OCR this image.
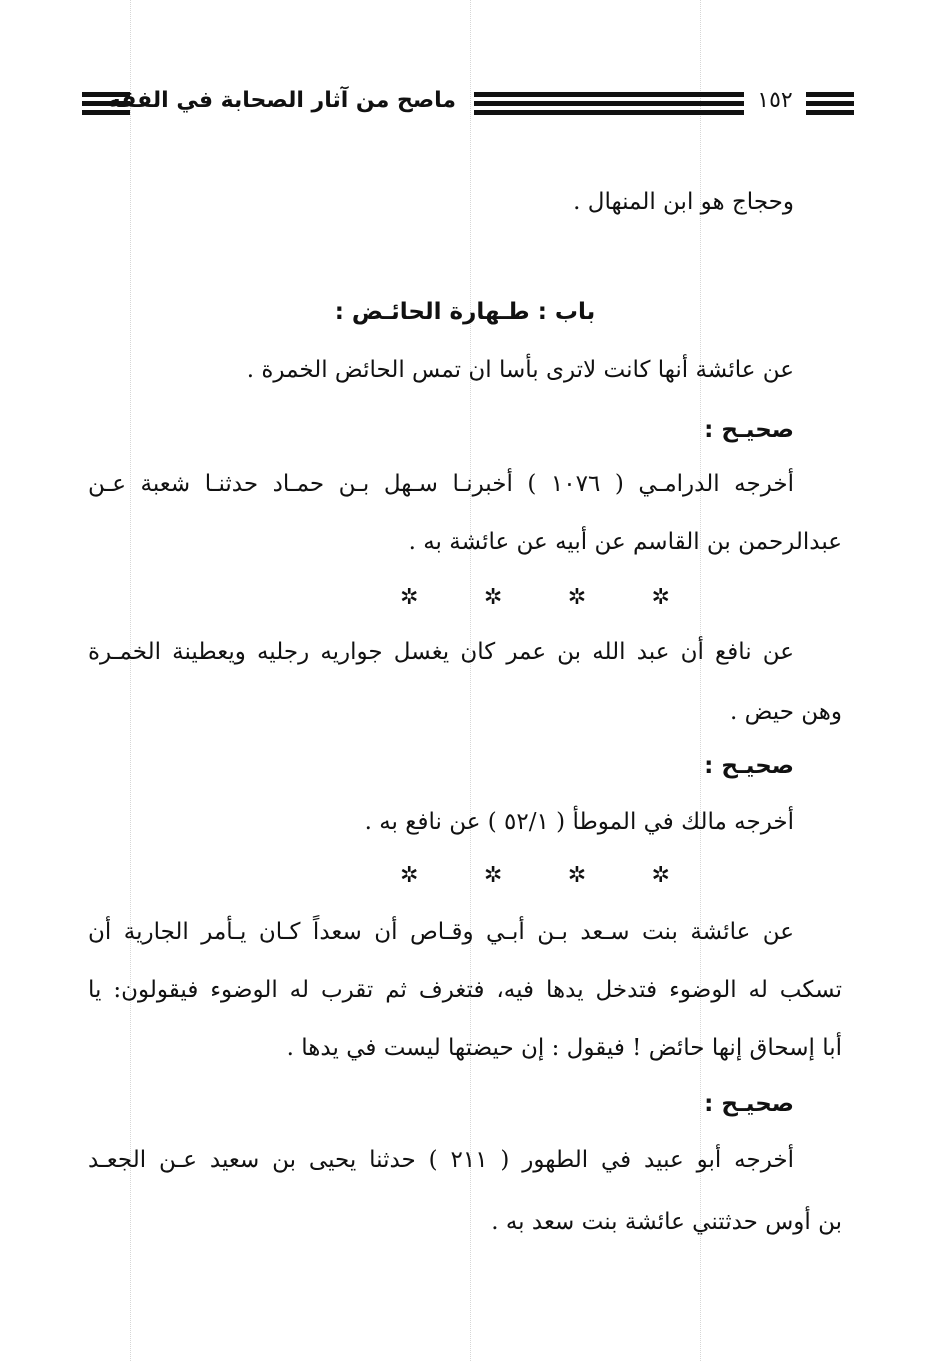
ماصح من آثار الصحابة في الفقه	١٥٢
وحجاج هو ابن المنهال .
باب : طـهارة الحائـض :
عن عائشة أنها كانت لاترى بأسا ان تمس الحائض الخمرة .
صحيـح :
أخرجه الدرامـي ( ١٠٧٦ ) أخبرنـا سـهل بـن حمـاد حدثنـا شعبة عـن
عبدالرحمن بن القاسم عن أبيه عن عائشة به .
✲	✲	✲	✲
عن نافع أن عبد الله بن عمر كان يغسل جواريه رجليه ويعطينة الخمـرة
وهن حيض .
صحيـح :
أخرجه مالك في الموطأ ( ٥٢/١ ) عن نافع به .
✲	✲	✲	✲
عن عائشة بنت سـعد بـن أبـي وقـاص أن سعداً كـان يـأمر الجارية أن
تسكب له الوضوء فتدخل يدها فيه، فتغرف ثم تقرب له الوضوء فيقولون: يا
أبا إسحاق إنها حائض ! فيقول : إن حيضتها ليست في يدها .
صحيـح :
أخرجه أبو عبيد في الطهور ( ٢١١ ) حدثنا يحيى بن سعيد عـن الجعـد
بن أوس حدثتني عائشة بنت سعد به .
